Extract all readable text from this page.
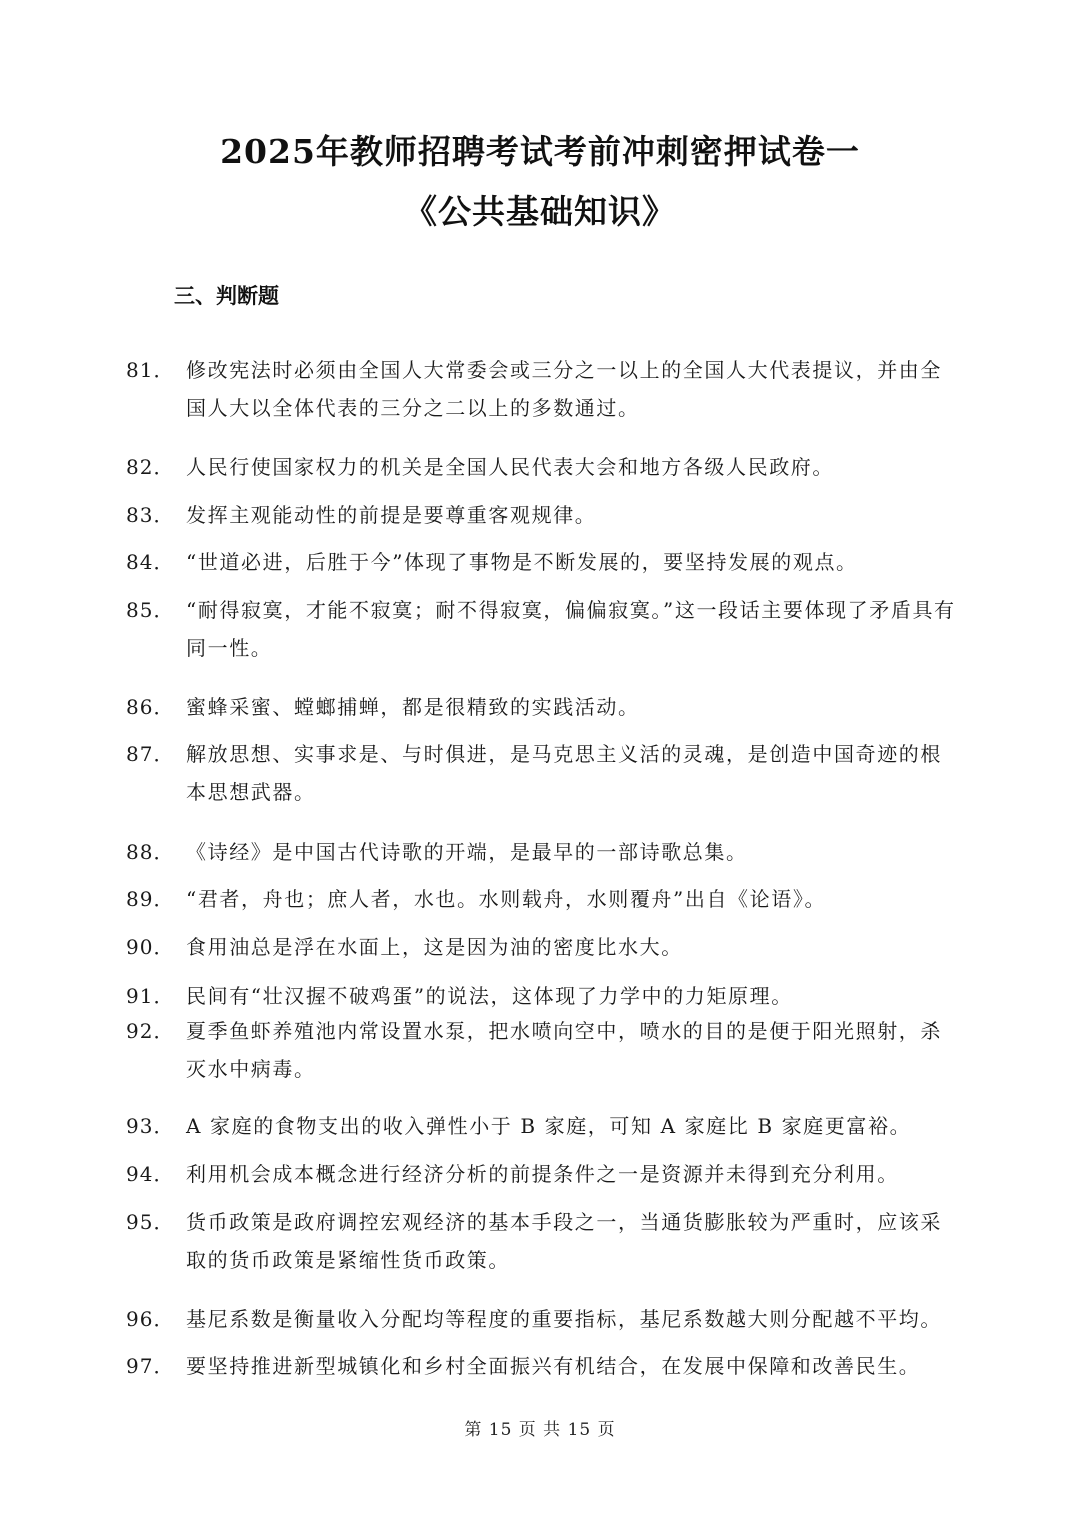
2025年教师招聘考试考前冲刺密押试卷一
《公共基础知识》
三、判断题
81． 修改宪法时必须由全国人大常委会或三分之一以上的全国人大代表提议，并由全国人大以全体代表的三分之二以上的多数通过。
82． 人民行使国家权力的机关是全国人民代表大会和地方各级人民政府。
83． 发挥主观能动性的前提是要尊重客观规律。
84． “世道必进，后胜于今”体现了事物是不断发展的，要坚持发展的观点。
85． “耐得寂寞，才能不寂寞；耐不得寂寞，偏偏寂寞。”这一段话主要体现了矛盾具有同一性。
86． 蜜蜂采蜜、螳螂捕蝉，都是很精致的实践活动。
87． 解放思想、实事求是、与时俱进，是马克思主义活的灵魂，是创造中国奇迹的根本思想武器。
88． 《诗经》是中国古代诗歌的开端，是最早的一部诗歌总集。
89． “君者，舟也；庶人者，水也。水则载舟，水则覆舟”出自《论语》。
90． 食用油总是浮在水面上，这是因为油的密度比水大。
91． 民间有“壮汉握不破鸡蛋”的说法，这体现了力学中的力矩原理。
92． 夏季鱼虾养殖池内常设置水泵，把水喷向空中，喷水的目的是便于阳光照射，杀灭水中病毒。
93． A 家庭的食物支出的收入弹性小于 B 家庭，可知 A 家庭比 B 家庭更富裕。
94． 利用机会成本概念进行经济分析的前提条件之一是资源并未得到充分利用。
95． 货币政策是政府调控宏观经济的基本手段之一，当通货膨胀较为严重时，应该采取的货币政策是紧缩性货币政策。
96． 基尼系数是衡量收入分配均等程度的重要指标，基尼系数越大则分配越不平均。
97． 要坚持推进新型城镇化和乡村全面振兴有机结合，在发展中保障和改善民生。
第 15 页 共 15 页
